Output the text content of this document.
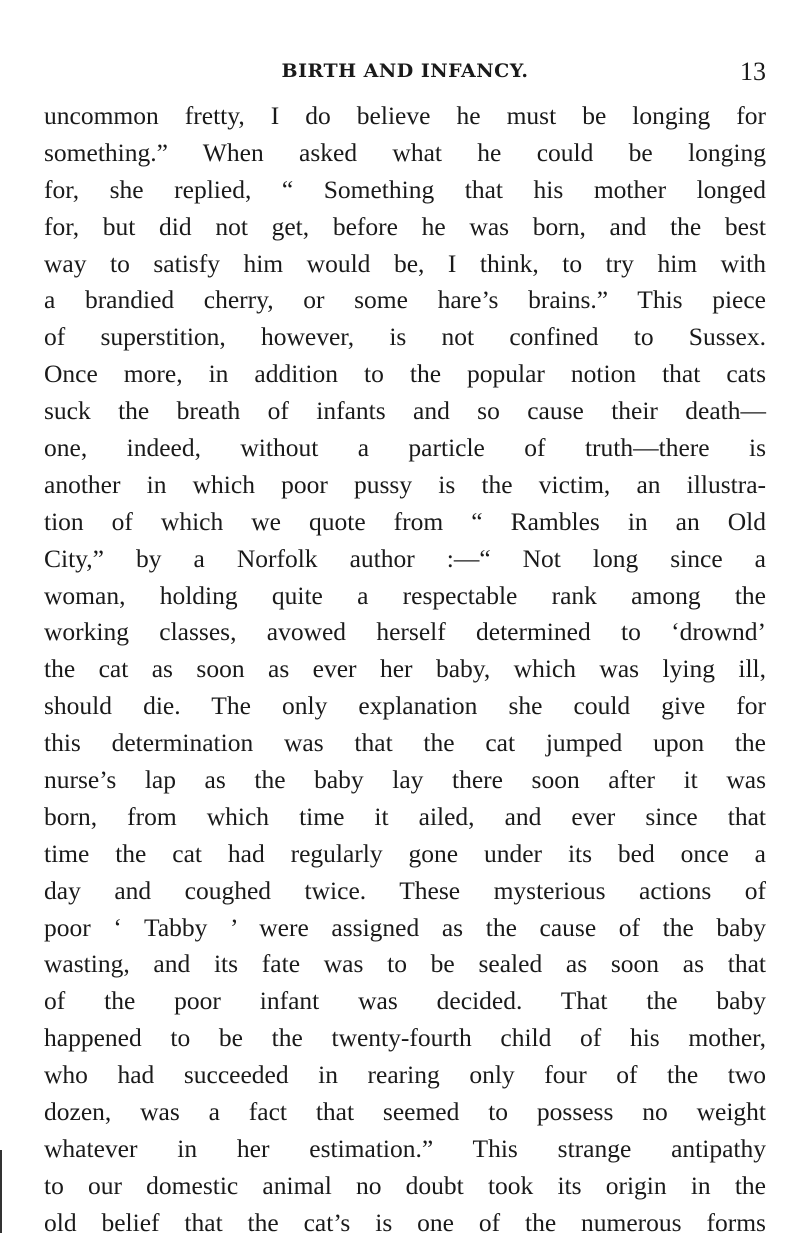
BIRTH AND INFANCY.	13
uncommon fretty, I do believe he must be longing for
something.” When asked what he could be longing
for, she replied, “ Something that his mother longed
for, but did not get, before he was born, and the best
way to satisfy him would be, I think, to try him with
a brandied cherry, or some hare’s brains.” This piece
of superstition, however, is not confined to Sussex.
Once more, in addition to the popular notion that cats
suck the breath of infants and so cause their death—
one, indeed, without a particle of truth—there is
another in which poor pussy is the victim, an illustra-
tion of which we quote from “ Rambles in an Old
City,” by a Norfolk author :—“ Not long since a
woman, holding quite a respectable rank among the
working classes, avowed herself determined to ‘drownd’
the cat as soon as ever her baby, which was lying ill,
should die. The only explanation she could give for
this determination was that the cat jumped upon the
nurse’s lap as the baby lay there soon after it was
born, from which time it ailed, and ever since that
time the cat had regularly gone under its bed once a
day and coughed twice. These mysterious actions of
poor ‘ Tabby ’ were assigned as the cause of the baby
wasting, and its fate was to be sealed as soon as that
of the poor infant was decided. That the baby
happened to be the twenty-fourth child of his mother,
who had succeeded in rearing only four of the two
dozen, was a fact that seemed to possess no weight
whatever in her estimation.” This strange antipathy
to our domestic animal no doubt took its origin in the
old belief that the cat’s is one of the numerous forms
